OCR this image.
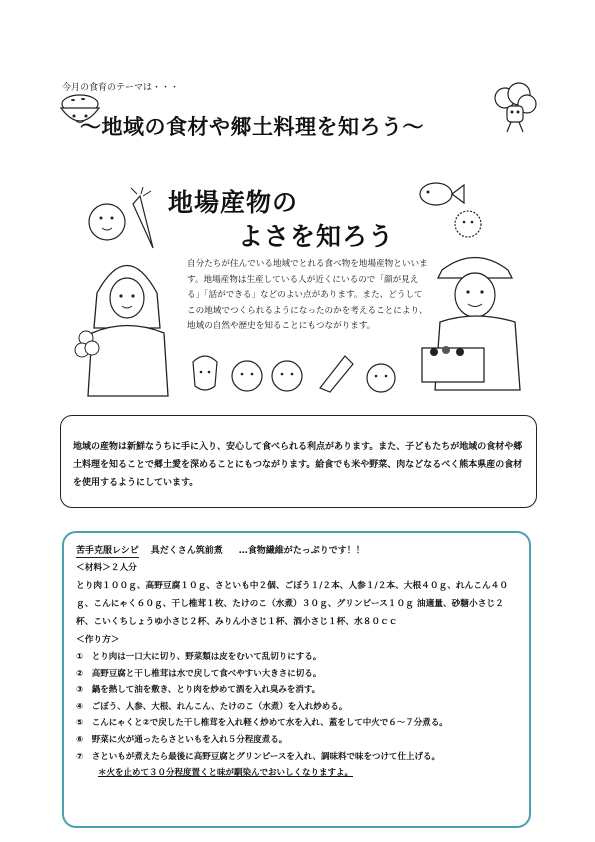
今月の食育のテーマは・・・
～地域の食材や郷土料理を知ろう～
地場産物の
よさを知ろう
自分たちが住んでいる地域でとれる食べ物を地場産物といいます。地場産物は生産している人が近くにいるので「顔が見える」「話ができる」などのよい点があります。また、どうしてこの地域でつくられるようになったのかを考えることにより、地域の自然や歴史を知ることにもつながります。
地域の産物は新鮮なうちに手に入り、安心して食べられる利点があります。また、子どもたちが地域の食材や郷土料理を知ることで郷土愛を深めることにもつながります。給食でも米や野菜、肉などなるべく熊本県産の食材を使用するようにしています。
苦手克服レシピ 具だくさん筑前煮 …食物繊維がたっぷりです！！
＜材料＞２人分
とり肉１００ｇ、高野豆腐１０ｇ、さといも中２個、ごぼう１/２本、人参１/２本、大根４０ｇ、れんこん４０ｇ、こんにゃく６０ｇ、干し椎茸１枚、たけのこ（水煮）３０ｇ、グリンピース１０ｇ 油適量、砂糖小さじ２杯、こいくちしょうゆ小さじ２杯、みりん小さじ１杯、酒小さじ１杯、水８０ｃｃ
＜作り方＞
①　とり肉は一口大に切り、野菜類は皮をむいて乱切りにする。
②　高野豆腐と干し椎茸は水で戻して食べやすい大きさに切る。
③　鍋を熱して油を敷き、とり肉を炒めて酒を入れ臭みを消す。
④　ごぼう、人参、大根、れんこん、たけのこ（水煮）を入れ炒める。
⑤　こんにゃくと②で戻した干し椎茸を入れ軽く炒めて水を入れ、蓋をして中火で６～７分煮る。
⑥　野菜に火が通ったらさといもを入れ５分程度煮る。
⑦　さといもが煮えたら最後に高野豆腐とグリンピースを入れ、調味料で味をつけて仕上げる。
＊火を止めて３０分程度置くと味が馴染んでおいしくなりますよ。
